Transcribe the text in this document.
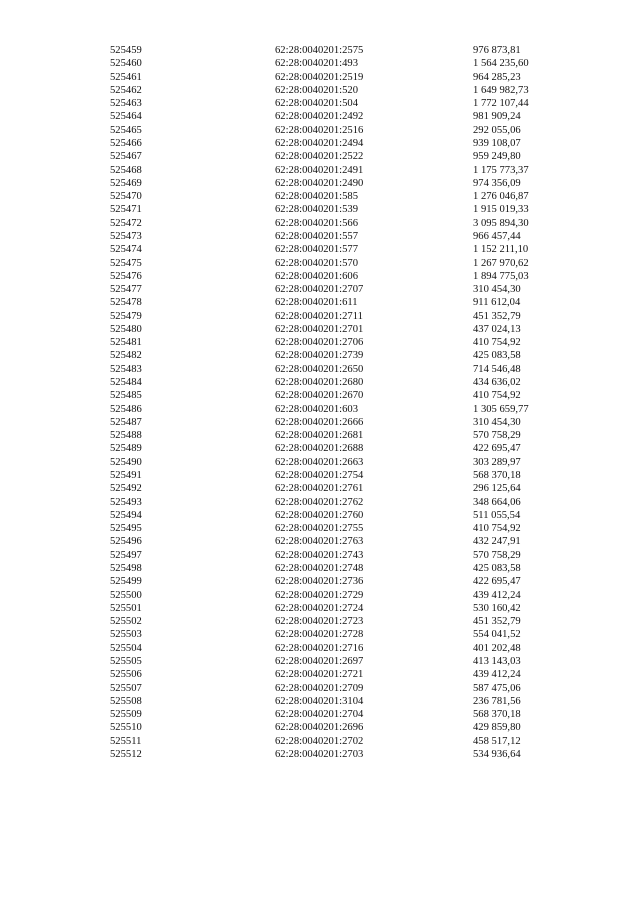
525459	62:28:0040201:2575	976 873,81
525460	62:28:0040201:493	1 564 235,60
525461	62:28:0040201:2519	964 285,23
525462	62:28:0040201:520	1 649 982,73
525463	62:28:0040201:504	1 772 107,44
525464	62:28:0040201:2492	981 909,24
525465	62:28:0040201:2516	292 055,06
525466	62:28:0040201:2494	939 108,07
525467	62:28:0040201:2522	959 249,80
525468	62:28:0040201:2491	1 175 773,37
525469	62:28:0040201:2490	974 356,09
525470	62:28:0040201:585	1 276 046,87
525471	62:28:0040201:539	1 915 019,33
525472	62:28:0040201:566	3 095 894,30
525473	62:28:0040201:557	966 457,44
525474	62:28:0040201:577	1 152 211,10
525475	62:28:0040201:570	1 267 970,62
525476	62:28:0040201:606	1 894 775,03
525477	62:28:0040201:2707	310 454,30
525478	62:28:0040201:611	911 612,04
525479	62:28:0040201:2711	451 352,79
525480	62:28:0040201:2701	437 024,13
525481	62:28:0040201:2706	410 754,92
525482	62:28:0040201:2739	425 083,58
525483	62:28:0040201:2650	714 546,48
525484	62:28:0040201:2680	434 636,02
525485	62:28:0040201:2670	410 754,92
525486	62:28:0040201:603	1 305 659,77
525487	62:28:0040201:2666	310 454,30
525488	62:28:0040201:2681	570 758,29
525489	62:28:0040201:2688	422 695,47
525490	62:28:0040201:2663	303 289,97
525491	62:28:0040201:2754	568 370,18
525492	62:28:0040201:2761	296 125,64
525493	62:28:0040201:2762	348 664,06
525494	62:28:0040201:2760	511 055,54
525495	62:28:0040201:2755	410 754,92
525496	62:28:0040201:2763	432 247,91
525497	62:28:0040201:2743	570 758,29
525498	62:28:0040201:2748	425 083,58
525499	62:28:0040201:2736	422 695,47
525500	62:28:0040201:2729	439 412,24
525501	62:28:0040201:2724	530 160,42
525502	62:28:0040201:2723	451 352,79
525503	62:28:0040201:2728	554 041,52
525504	62:28:0040201:2716	401 202,48
525505	62:28:0040201:2697	413 143,03
525506	62:28:0040201:2721	439 412,24
525507	62:28:0040201:2709	587 475,06
525508	62:28:0040201:3104	236 781,56
525509	62:28:0040201:2704	568 370,18
525510	62:28:0040201:2696	429 859,80
525511	62:28:0040201:2702	458 517,12
525512	62:28:0040201:2703	534 936,64
